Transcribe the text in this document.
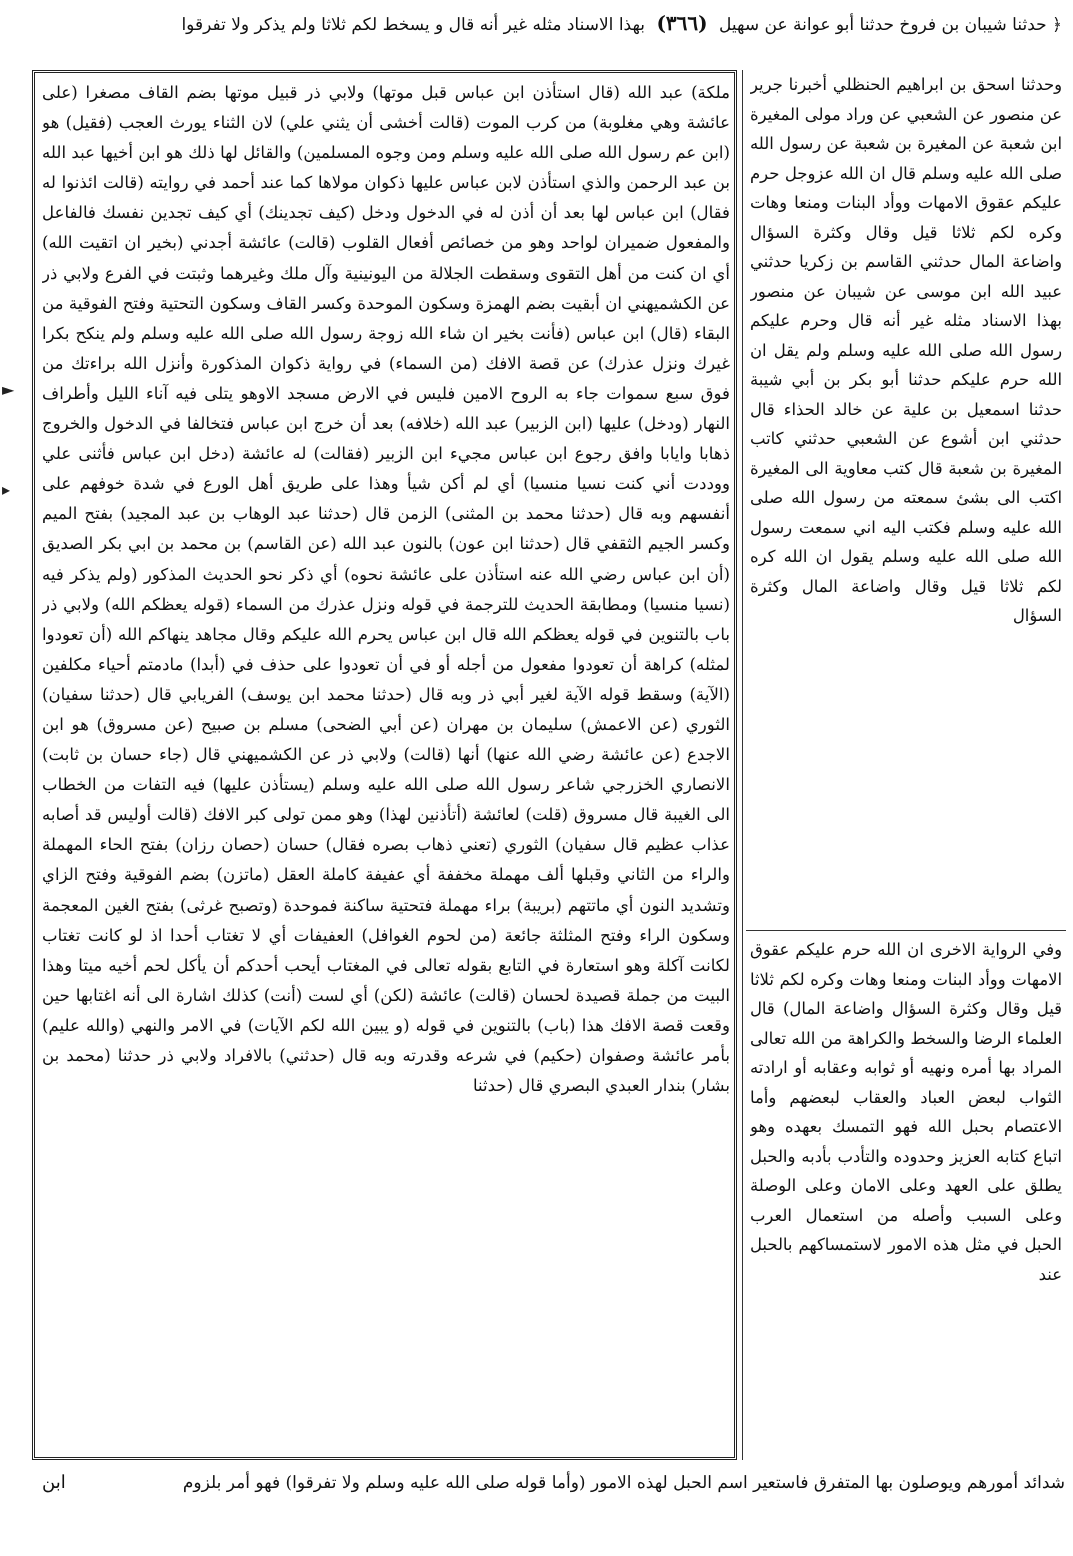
﴿ حدثنا شيبان بن فروخ حدثنا أبو عوانة عن سهيل (٣٦٦) بهذا الاسناد مثله غير أنه قال و يسخط لكم ثلاثا ولم يذكر ولا تفرقوا
ملكة) عبد الله (قال استأذن ابن عباس قبل موتها) ولابي ذر قبيل موتها بضم القاف مصغرا (على عائشة وهي مغلوبة) من كرب الموت (قالت أخشى أن يثني علي) لان الثناء يورث العجب (فقيل) هو (ابن عم رسول الله صلى الله عليه وسلم ومن وجوه المسلمين) والقائل لها ذلك هو ابن أخيها عبد الله بن عبد الرحمن والذي استأذن لابن عباس عليها ذكوان مولاها كما عند أحمد في روايته (قالت ائذنوا له فقال) ابن عباس لها بعد أن أذن له في الدخول ودخل (كيف تجدينك) أي كيف تجدين نفسك فالفاعل والمفعول ضميران لواحد وهو من خصائص أفعال القلوب (قالت) عائشة أجدني (بخير ان اتقيت الله) أي ان كنت من أهل التقوى وسقطت الجلالة من اليونينية وآل ملك وغيرهما وثبتت في الفرع ولابي ذر عن الكشميهني ان أبقيت بضم الهمزة وسكون الموحدة وكسر القاف وسكون التحتية وفتح الفوقية من البقاء (قال) ابن عباس (فأنت بخير ان شاء الله زوجة رسول الله صلى الله عليه وسلم ولم ينكح بكرا غيرك ونزل عذرك) عن قصة الافك (من السماء) في رواية ذكوان المذكورة وأنزل الله براءتك من فوق سبع سموات جاء به الروح الامين فليس في الارض مسجد الاوهو يتلى فيه آناء الليل وأطراف النهار (ودخل) عليها (ابن الزبير) عبد الله (خلافه) بعد أن خرج ابن عباس فتخالفا في الدخول والخروج ذهابا وايابا وافق رجوع ابن عباس مجيء ابن الزبير (فقالت) له عائشة (دخل ابن عباس فأثنى علي ووددت أني كنت نسيا منسيا) أي لم أكن شيأ وهذا على طريق أهل الورع في شدة خوفهم على أنفسهم وبه قال (حدثنا محمد بن المثنى) الزمن قال (حدثنا عبد الوهاب بن عبد المجيد) بفتح الميم وكسر الجيم الثقفي قال (حدثنا ابن عون) بالنون عبد الله (عن القاسم) بن محمد بن ابي بكر الصديق (أن ابن عباس رضي الله عنه استأذن على عائشة نحوه) أي ذكر نحو الحديث المذكور (ولم يذكر فيه (نسيا منسيا) ومطابقة الحديث للترجمة في قوله ونزل عذرك من السماء (قوله يعظكم الله) ولابي ذر باب بالتنوين في قوله يعظكم الله قال ابن عباس يحرم الله عليكم وقال مجاهد ينهاكم الله (أن تعودوا لمثله) كراهة أن تعودوا مفعول من أجله أو في أن تعودوا على حذف في (أبدا) مادمتم أحياء مكلفين (الآية) وسقط قوله الآية لغير أبي ذر وبه قال (حدثنا محمد ابن يوسف) الفريابي قال (حدثنا سفيان) الثوري (عن الاعمش) سليمان بن مهران (عن أبي الضحى) مسلم بن صبيح (عن مسروق) هو ابن الاجدع (عن عائشة رضي الله عنها) أنها (قالت) ولابي ذر عن الكشميهني قال (جاء حسان بن ثابت) الانصاري الخزرجي شاعر رسول الله صلى الله عليه وسلم (يستأذن عليها) فيه التفات من الخطاب الى الغيبة قال مسروق (قلت) لعائشة (أتأذنين لهذا) وهو ممن تولى كبر الافك (قالت أوليس قد أصابه عذاب عظيم قال سفيان) الثوري (تعني ذهاب بصره فقال) حسان (حصان رزان) بفتح الحاء المهملة والراء من الثاني وقبلها ألف مهملة مخففة أي عفيفة كاملة العقل (ماتزن) بضم الفوقية وفتح الزاي وتشديد النون أي ماتتهم (بريبة) براء مهملة فتحتية ساكنة فموحدة (وتصبح غرثى) بفتح الغين المعجمة وسكون الراء وفتح المثلثة جائعة (من لحوم الغوافل) العفيفات أي لا تغتاب أحدا اذ لو كانت تغتاب لكانت آكلة وهو استعارة في التابع بقوله تعالى في المغتاب أيحب أحدكم أن يأكل لحم أخيه ميتا وهذا البيت من جملة قصيدة لحسان (قالت) عائشة (لكن) أي لست (أنت) كذلك اشارة الى أنه اغتابها حين وقعت قصة الافك هذا (باب) بالتنوين في قوله (و يبين الله لكم الآيات) في الامر والنهي (والله عليم) بأمر عائشة وصفوان (حكيم) في شرعه وقدرته وبه قال (حدثني) بالافراد ولابي ذر حدثنا (محمد بن بشار) بندار العبدي البصري قال (حدثنا
وحدثنا اسحق بن ابراهيم الحنظلي أخبرنا جرير عن منصور عن الشعبي عن وراد مولى المغيرة ابن شعبة عن المغيرة بن شعبة عن رسول الله صلى الله عليه وسلم قال ان الله عزوجل حرم عليكم عقوق الامهات ووأد البنات ومنعا وهات وكره لكم ثلاثا قيل وقال وكثرة السؤال واضاعة المال حدثني القاسم بن زكريا حدثني عبيد الله ابن موسى عن شيبان عن منصور بهذا الاسناد مثله غير أنه قال وحرم عليكم رسول الله صلى الله عليه وسلم ولم يقل ان الله حرم عليكم حدثنا أبو بكر بن أبي شيبة حدثنا اسمعيل بن علية عن خالد الحذاء قال حدثني ابن أشوع عن الشعبي حدثني كاتب المغيرة بن شعبة قال كتب معاوية الى المغيرة اكتب الى بشئ سمعته من رسول الله صلى الله عليه وسلم فكتب اليه اني سمعت رسول الله صلى الله عليه وسلم يقول ان الله كره لكم ثلاثا قيل وقال واضاعة المال وكثرة السؤال
وفي الرواية الاخرى ان الله حرم عليكم عقوق الامهات ووأد البنات ومنعا وهات وكره لكم ثلاثا قيل وقال وكثرة السؤال واضاعة المال) قال العلماء الرضا والسخط والكراهة من الله تعالى المراد بها أمره ونهيه أو ثوابه وعقابه أو ارادته الثواب لبعض العباد والعقاب لبعضهم وأما الاعتصام بحبل الله فهو التمسك بعهده وهو اتباع كتابه العزيز وحدوده والتأدب بأدبه والحبل يطلق على العهد وعلى الامان وعلى الوصلة وعلى السبب وأصله من استعمال العرب الحبل في مثل هذه الامور لاستمساكهم بالحبل عند
شدائد أمورهم ويوصلون بها المتفرق فاستعير اسم الحبل لهذه الامور (وأما قوله صلى الله عليه وسلم ولا تفرقوا) فهو أمر بلزوم
ابن
►
▸
